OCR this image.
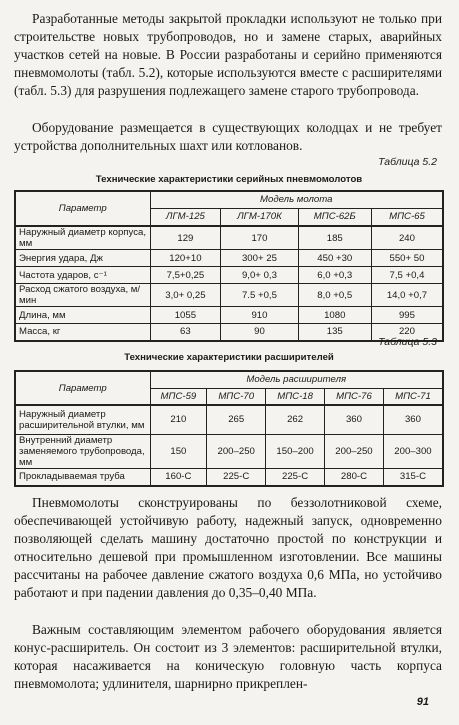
Разработанные методы закрытой прокладки используют не только при строительстве новых трубопроводов, но и замене старых, аварийных участков сетей на новые. В России разработаны и серийно применяются пневмомолоты (табл. 5.2), которые используются вместе с расширителями (табл. 5.3) для разрушения подлежащего замене старого трубопровода.

Оборудование размещается в существующих колодцах и не требует устройства дополнительных шахт или котлованов.

Таблица 5.2
Технические характеристики серийных пневмомолотов
Параметр	Модель молота			
	ЛГМ-125	ЛГМ-170К	МПС-62Б	МПС-65
Наружный диаметр корпуса, мм	129	170	185	240
Энергия удара, Дж	120+10	300+ 25	450 +30	550+ 50
Частота ударов, с⁻¹	7,5+0,25	9,0+ 0,3	6,0 +0,3	7,5 +0,4
Расход сжатого воздуха, м/мин	3,0+ 0,25	7.5 +0,5	8,0 +0,5	14,0 +0,7
Длина, мм	1055	910	1080	995
Масса, кг	63	90	135	220
Таблица 5.3
Технические характеристики расширителей
Параметр	Модель расширителя				
	МПС-59	МПС-70	МПС-18	МПС-76	МПС-71
Наружный диаметр расширительной втулки, мм	210	265	262	360	360
Внутренний диаметр заменяемого трубопровода, мм	150	200–250	150–200	200–250	200–300
Прокладываемая труба	160-С	225-С	225-С	280-С	315-С

Пневмомолоты сконструированы по беззолотниковой схеме, обеспечивающей устойчивую работу, надежный запуск, одновременно позволяющей сделать машину достаточно простой по конструкции и относительно дешевой при промышленном изготовлении. Все машины рассчитаны на рабочее давление сжатого воздуха 0,6 МПа, но устойчиво работают и при падении давления до 0,35–0,40 МПа.

Важным составляющим элементом рабочего оборудования является конус-расширитель. Он состоит из 3 элементов: расширительной втулки, которая насаживается на коническую головную часть корпуса пневмомолота; удлинителя, шарнирно прикреплен-

91
